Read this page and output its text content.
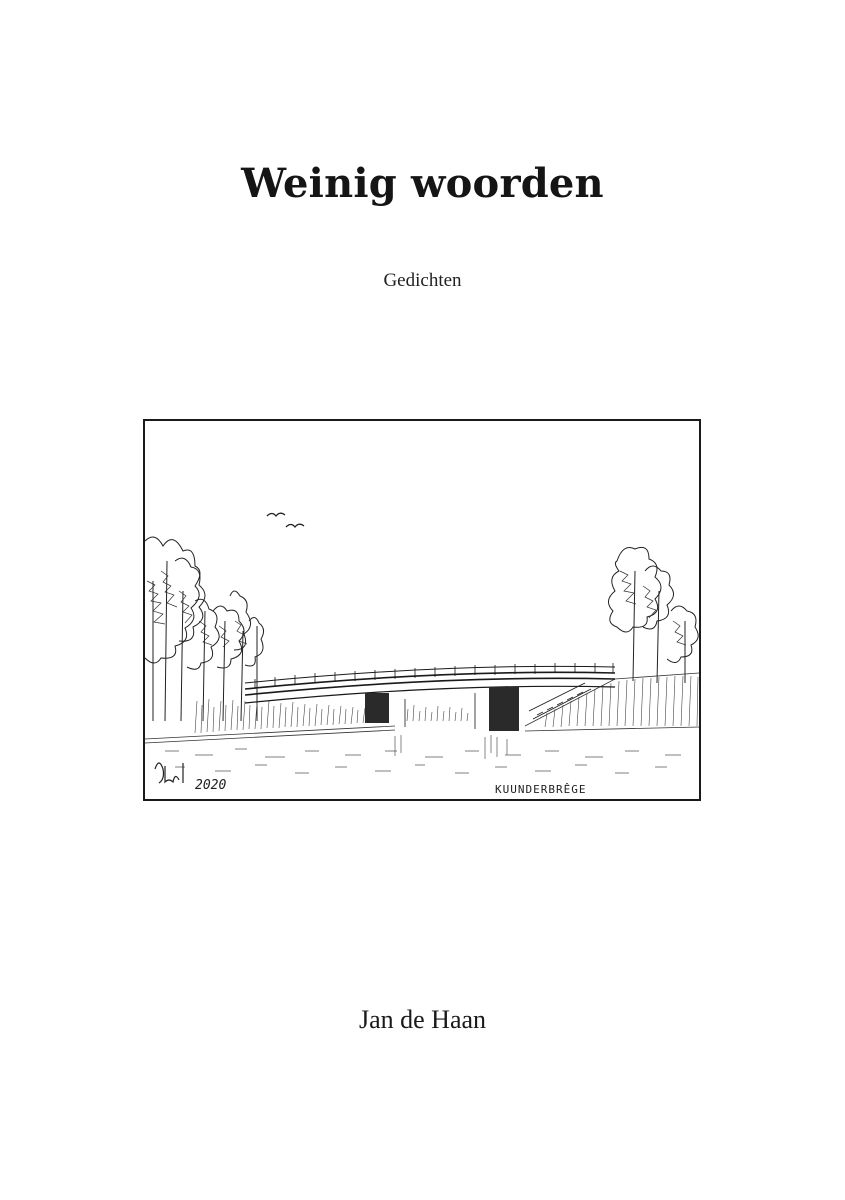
Weinig woorden
Gedichten
2020	KUUNDERBRÊGE
Jan de Haan
